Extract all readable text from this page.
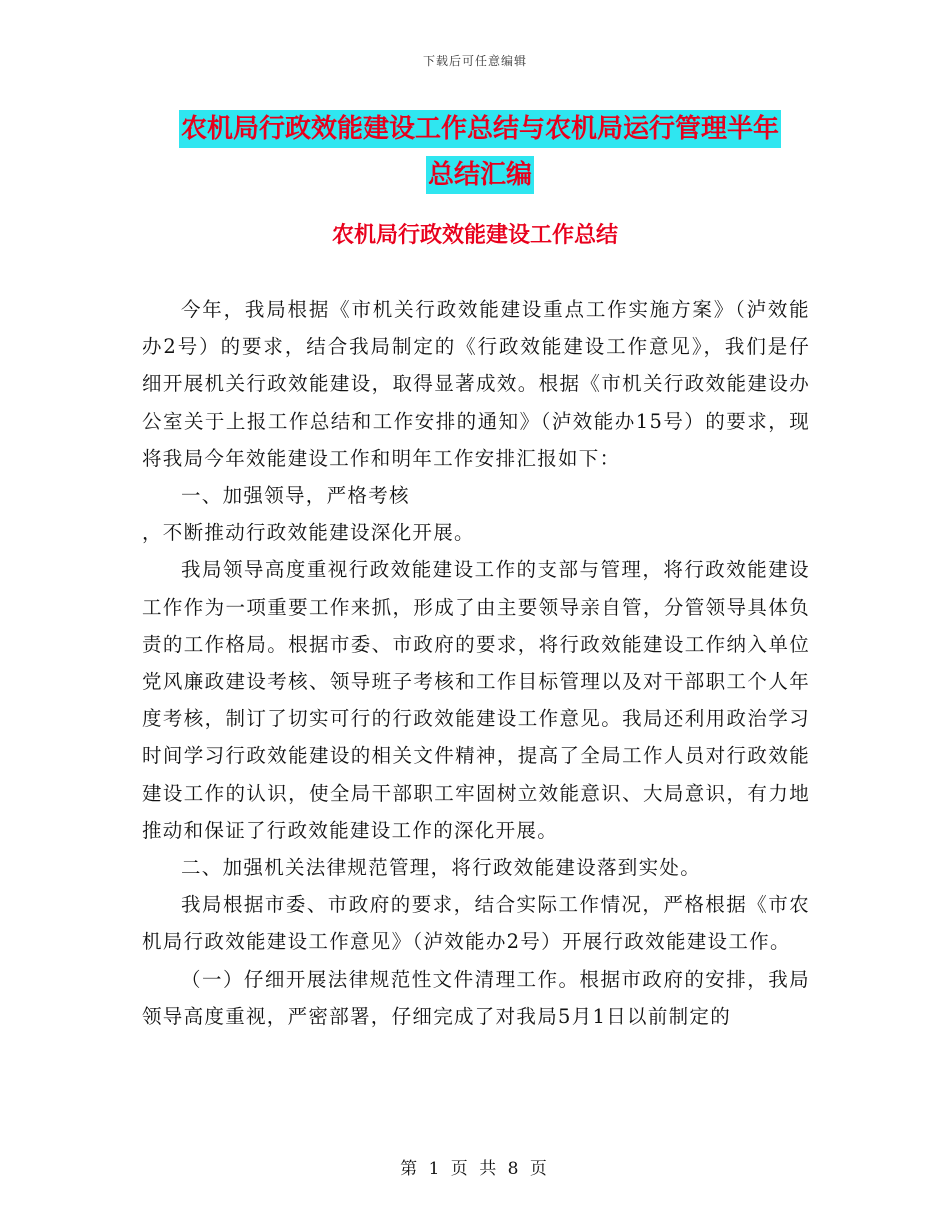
下载后可任意编辑
农机局行政效能建设工作总结与农机局运行管理半年
总结汇编
农机局行政效能建设工作总结

今年，我局根据《市机关行政效能建设重点工作实施方案》（泸效能办2号）的要求，结合我局制定的《行政效能建设工作意见》，我们是仔细开展机关行政效能建设，取得显著成效。根据《市机关行政效能建设办公室关于上报工作总结和工作安排的通知》（泸效能办15号）的要求，现将我局今年效能建设工作和明年工作安排汇报如下：

一、加强领导，严格考核

，不断推动行政效能建设深化开展。

我局领导高度重视行政效能建设工作的支部与管理，将行政效能建设工作作为一项重要工作来抓，形成了由主要领导亲自管，分管领导具体负责的工作格局。根据市委、市政府的要求，将行政效能建设工作纳入单位党风廉政建设考核、领导班子考核和工作目标管理以及对干部职工个人年度考核，制订了切实可行的行政效能建设工作意见。我局还利用政治学习时间学习行政效能建设的相关文件精神，提高了全局工作人员对行政效能建设工作的认识，使全局干部职工牢固树立效能意识、大局意识，有力地推动和保证了行政效能建设工作的深化开展。

二、加强机关法律规范管理，将行政效能建设落到实处。

我局根据市委、市政府的要求，结合实际工作情况，严格根据《市农机局行政效能建设工作意见》（泸效能办2号）开展行政效能建设工作。

（一）仔细开展法律规范性文件清理工作。根据市政府的安排，我局领导高度重视，严密部署，仔细完成了对我局5月1日以前制定的

第 1 页 共 8 页
